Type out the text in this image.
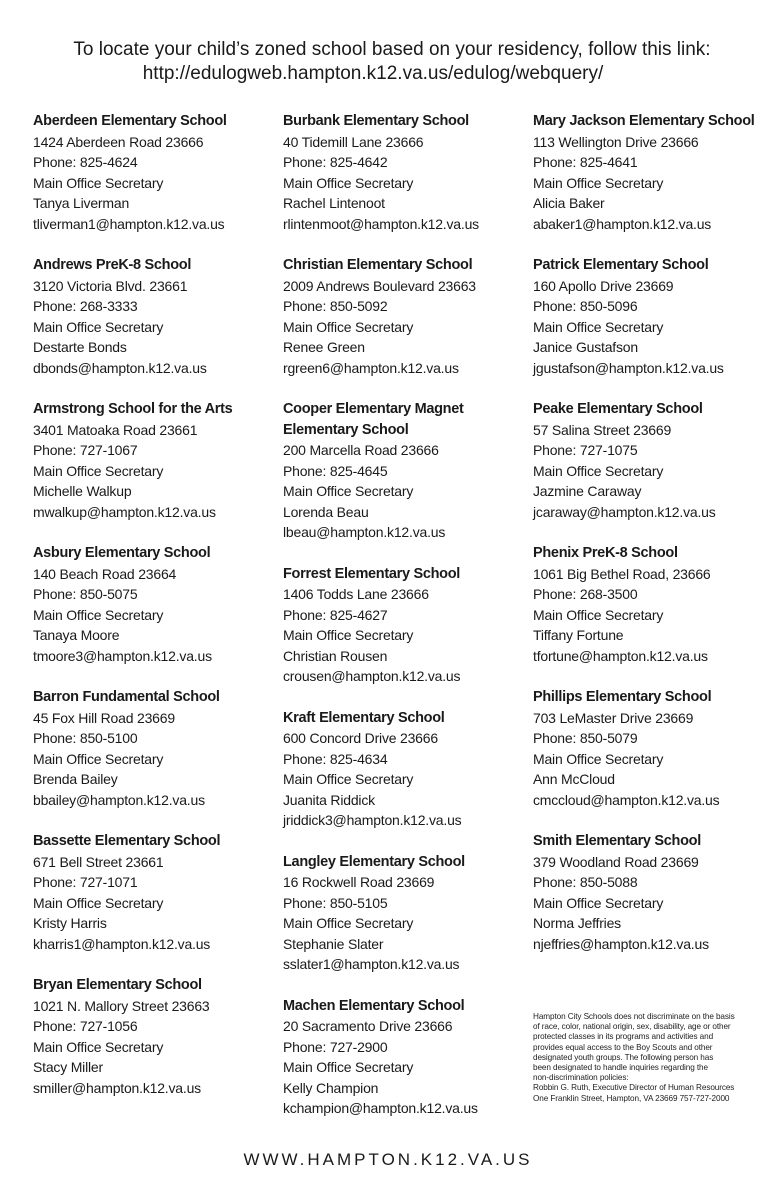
To locate your child’s zoned school based on your residency, follow this link:
http://edulogweb.hampton.k12.va.us/edulog/webquery/
Aberdeen Elementary School
1424 Aberdeen Road 23666
Phone: 825-4624
Main Office Secretary
Tanya Liverman
tliverman1@hampton.k12.va.us
Andrews PreK-8 School
3120 Victoria Blvd. 23661
Phone: 268-3333
Main Office Secretary
Destarte Bonds
dbonds@hampton.k12.va.us
Armstrong School for the Arts
3401 Matoaka Road 23661
Phone: 727-1067
Main Office Secretary
Michelle Walkup
mwalkup@hampton.k12.va.us
Asbury Elementary School
140 Beach Road 23664
Phone: 850-5075
Main Office Secretary
Tanaya Moore
tmoore3@hampton.k12.va.us
Barron Fundamental School
45 Fox Hill Road 23669
Phone: 850-5100
Main Office Secretary
Brenda Bailey
bbailey@hampton.k12.va.us
Bassette Elementary School
671 Bell Street 23661
Phone: 727-1071
Main Office Secretary
Kristy Harris
kharris1@hampton.k12.va.us
Bryan Elementary School
1021 N. Mallory Street 23663
Phone: 727-1056
Main Office Secretary
Stacy Miller
smiller@hampton.k12.va.us
Burbank Elementary School
40 Tidemill Lane 23666
Phone: 825-4642
Main Office Secretary
Rachel Lintenoot
rlintenmoot@hampton.k12.va.us
Christian Elementary School
2009 Andrews Boulevard 23663
Phone: 850-5092
Main Office Secretary
Renee Green
rgreen6@hampton.k12.va.us
Cooper Elementary Magnet Elementary School
200 Marcella Road 23666
Phone: 825-4645
Main Office Secretary
Lorenda Beau
lbeau@hampton.k12.va.us
Forrest Elementary School
1406 Todds Lane 23666
Phone: 825-4627
Main Office Secretary
Christian Rousen
crousen@hampton.k12.va.us
Kraft Elementary School
600 Concord Drive 23666
Phone: 825-4634
Main Office Secretary
Juanita Riddick
jriddick3@hampton.k12.va.us
Langley Elementary School
16 Rockwell Road 23669
Phone: 850-5105
Main Office Secretary
Stephanie Slater
sslater1@hampton.k12.va.us
Machen Elementary School
20 Sacramento Drive 23666
Phone: 727-2900
Main Office Secretary
Kelly Champion
kchampion@hampton.k12.va.us
Mary Jackson Elementary School
113 Wellington Drive 23666
Phone: 825-4641
Main Office Secretary
Alicia Baker
abaker1@hampton.k12.va.us
Patrick Elementary School
160 Apollo Drive 23669
Phone: 850-5096
Main Office Secretary
Janice Gustafson
jgustafson@hampton.k12.va.us
Peake Elementary School
57 Salina Street 23669
Phone: 727-1075
Main Office Secretary
Jazmine Caraway
jcaraway@hampton.k12.va.us
Phenix PreK-8 School
1061 Big Bethel Road, 23666
Phone: 268-3500
Main Office Secretary
Tiffany Fortune
tfortune@hampton.k12.va.us
Phillips Elementary School
703 LeMaster Drive 23669
Phone: 850-5079
Main Office Secretary
Ann McCloud
cmccloud@hampton.k12.va.us
Smith Elementary School
379 Woodland Road 23669
Phone: 850-5088
Main Office Secretary
Norma Jeffries
njeffries@hampton.k12.va.us
Hampton City Schools does not discriminate on the basis
of race, color, national origin, sex, disability, age or other
protected classes in its programs and activities and
provides equal access to the Boy Scouts and other
designated youth groups. The following person has
been designated to handle inquiries regarding the
non-discrimination policies:
Robbin G. Ruth, Executive Director of Human Resources
One Franklin Street, Hampton, VA 23669 757-727-2000
WWW.HAMPTON.K12.VA.US
